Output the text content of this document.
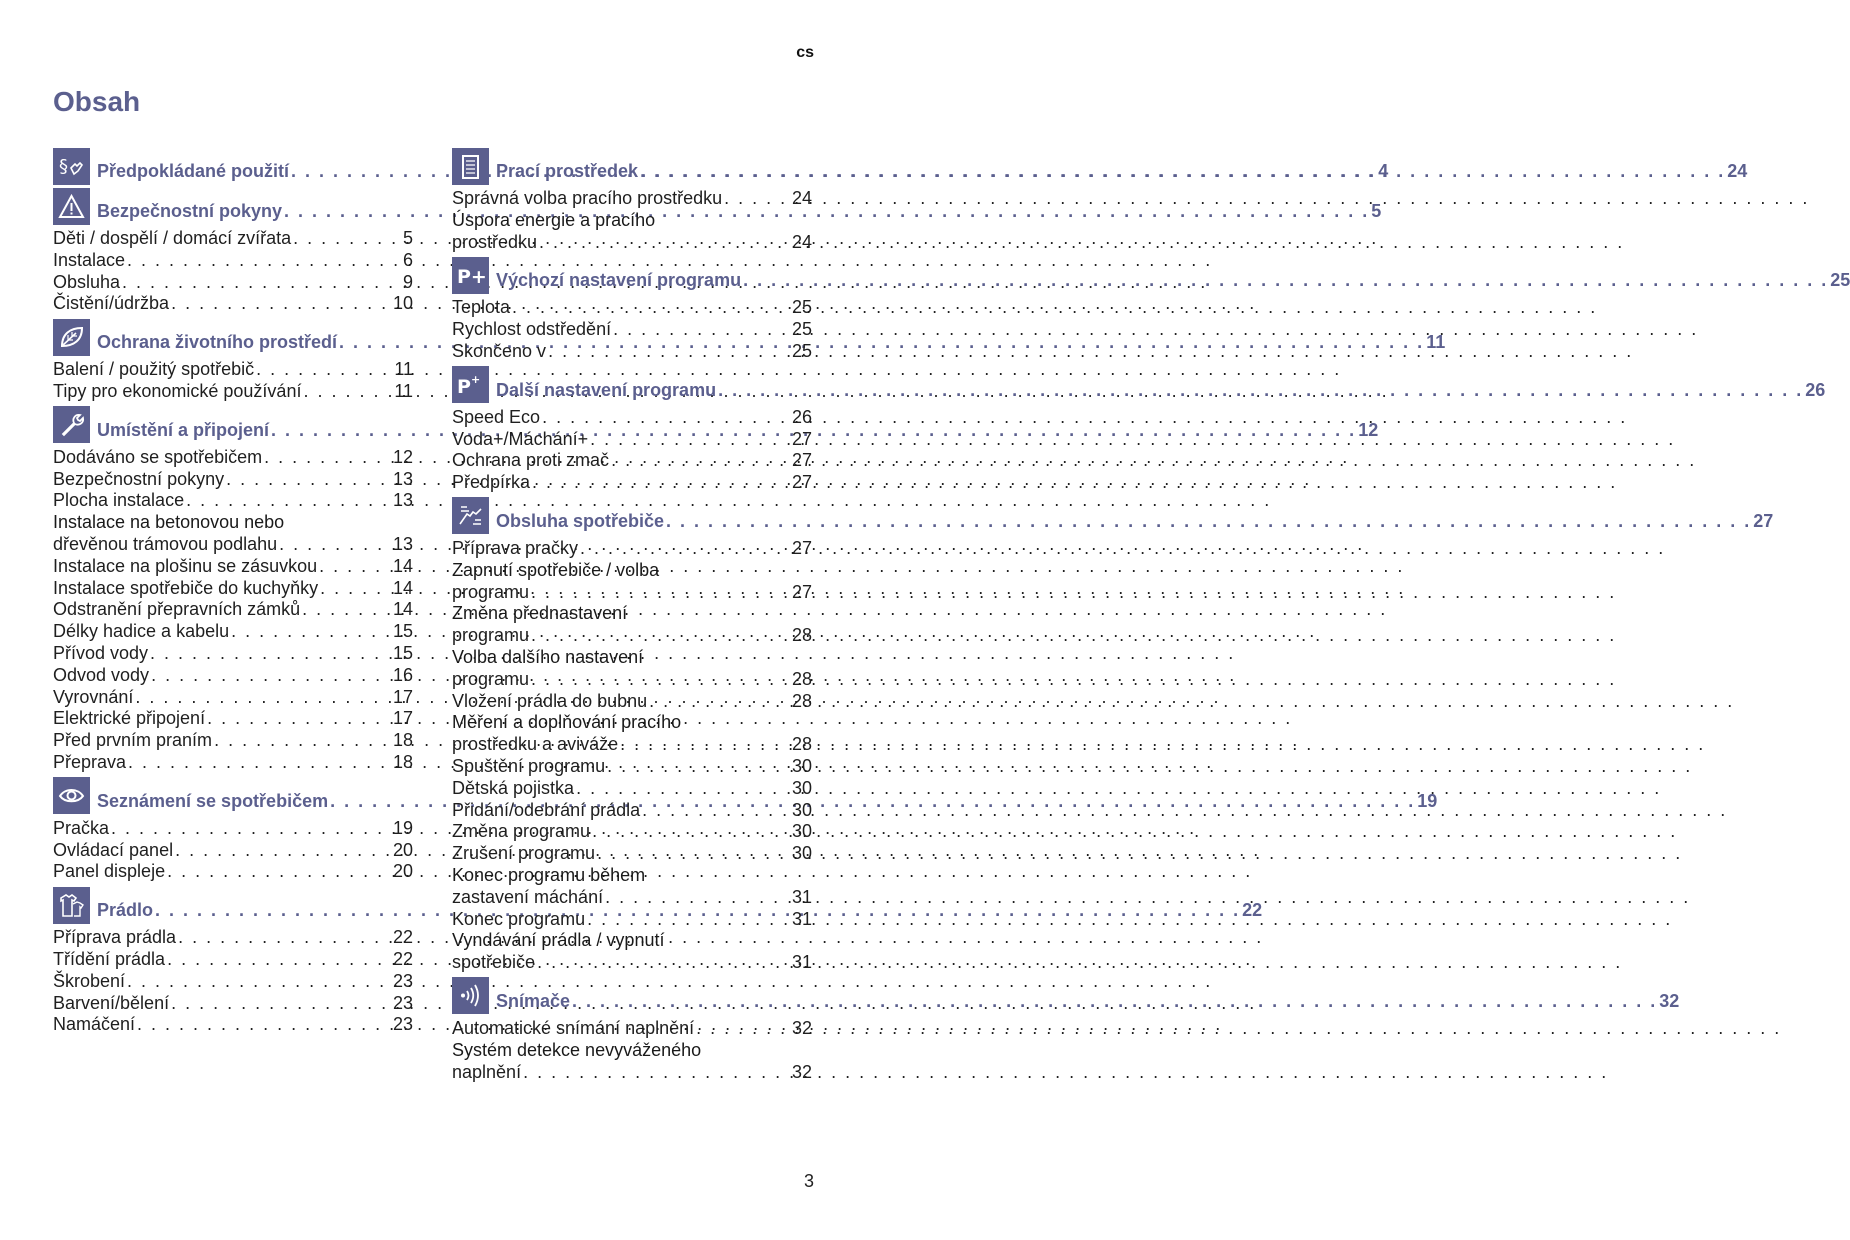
cs
Obsah
§ Předpokládané použití . . .	4
Bezpečnostní pokyny . . .	5
Děti / dospělí / domácí zvířata . . .	5
Instalace . . .	6
Obsluha . . .	9
Čistění/údržba . . .	10
Ochrana životního prostředí . . .	11
Balení / použitý spotřebič . . .	11
Tipy pro ekonomické používání . . .	11
Umístění a připojení . . .	12
Dodáváno se spotřebičem . . .	12
Bezpečnostní pokyny . . .	13
Plocha instalace . . .	13
Instalace na betonovou nebo
dřevěnou trámovou podlahu . . .	13
Instalace na plošinu se zásuvkou . . .	14
Instalace spotřebiče do kuchyňky . . .	14
Odstranění přepravních zámků . . .	14
Délky hadice a kabelu . . .	15
Přívod vody . . .	15
Odvod vody . . .	16
Vyrovnání . . .	17
Elektrické připojení . . .	17
Před prvním praním . . .	18
Přeprava . . .	18
Seznámení se spotřebičem . . .	19
Pračka . . .	19
Ovládací panel . . .	20
Panel displeje . . .	20
Prádlo . . .	22
Příprava prádla . . .	22
Třídění prádla . . .	22
Škrobení . . .	23
Barvení/bělení . . .	23
Namáčení . . .	23
Prací prostředek . . .	24
Správná volba pracího prostředku . . .	24
Úspora energie a pracího
prostředku . . .	24
P+ Výchozí nastavení programu . . .	25
Teplota . . .	25
Rychlost odstředění . . .	25
Skončeno v . . .	25
P + Další nastavení programu . . .	26
Speed Eco . . .	26
Voda+/Máchání+ . . .	27
Ochrana proti zmač . . .	27
Předpírka . . .	27
Obsluha spotřebiče . . .	27
Příprava pračky . . .	27
Zapnutí spotřebiče / volba
programu . . .	27
Změna přednastavení
programu . . .	28
Volba dalšího nastavení
programu . . .	28
Vložení prádla do bubnu . . .	28
Měření a doplňování pracího
prostředku a aviváže . . .	28
Spuštění programu . . .	30
Dětská pojistka . . .	30
Přidání/odebrání prádla . . .	30
Změna programu . . .	30
Zrušení programu . . .	30
Konec programu během
zastavení máchání . . .	31
Konec programu . . .	31
Vyndávání prádla / vypnutí
spotřebiče . . .	31
Snímače . . .	32
Automatické snímání naplnění . . .	32
Systém detekce nevyváženého
naplnění . . .	32
3
